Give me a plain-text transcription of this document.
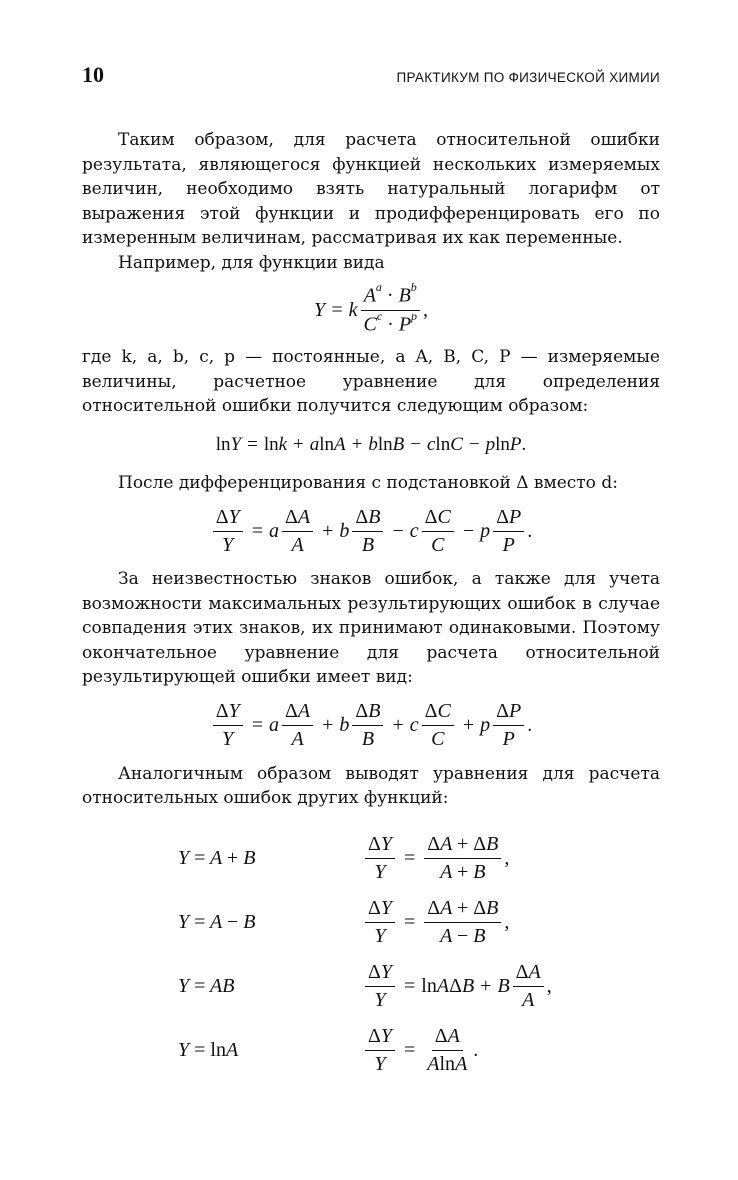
10	ПРАКТИКУМ ПО ФИЗИЧЕСКОЙ ХИМИИ

Таким образом, для расчета относительной ошибки результата, являющегося функцией нескольких измеряемых величин, необходимо взять натуральный логарифм от выражения этой функции и продифференцировать его по измеренным величинам, рассматривая их как переменные.

Например, для функции вида

Y = k $\frac{A^a \cdot B^b}{C^c \cdot P^p}$ ,

где k, a, b, c, p — постоянные, а A, B, C, P — измеряемые величины, расчетное уравнение для определения относительной ошибки получится следующим образом:

ln Y = ln k + a ln A + b ln B − c ln C − p ln P .

После дифференцирования с подстановкой Δ вместо d:

$\frac{\Delta Y}{Y} = a \frac{\Delta A}{A} + b \frac{\Delta B}{B} - c \frac{\Delta C}{C} - p \frac{\Delta P}{P}$ .

За неизвестностью знаков ошибок, а также для учета возможности максимальных результирующих ошибок в случае совпадения этих знаков, их принимают одинаковыми. Поэтому окончательное уравнение для расчета относительной результирующей ошибки имеет вид:

$\frac{\Delta Y}{Y} = a \frac{\Delta A}{A} + b \frac{\Delta B}{B} + c \frac{\Delta C}{C} + p \frac{\Delta P}{P}$ .

Аналогичным образом выводят уравнения для расчета относительных ошибок других функций:

Y = A + B	$\frac{\Delta Y}{Y} = \frac{\Delta A + \Delta B}{A + B}$ ,
Y = A − B	$\frac{\Delta Y}{Y} = \frac{\Delta A + \Delta B}{A - B}$ ,
Y = AB	$\frac{\Delta Y}{Y} = \ln A$ Δ B + B $\frac{\Delta A}{A}$ ,
Y = lnA	$\frac{\Delta Y}{Y} = \frac{\Delta A}{AlnA}$ .
